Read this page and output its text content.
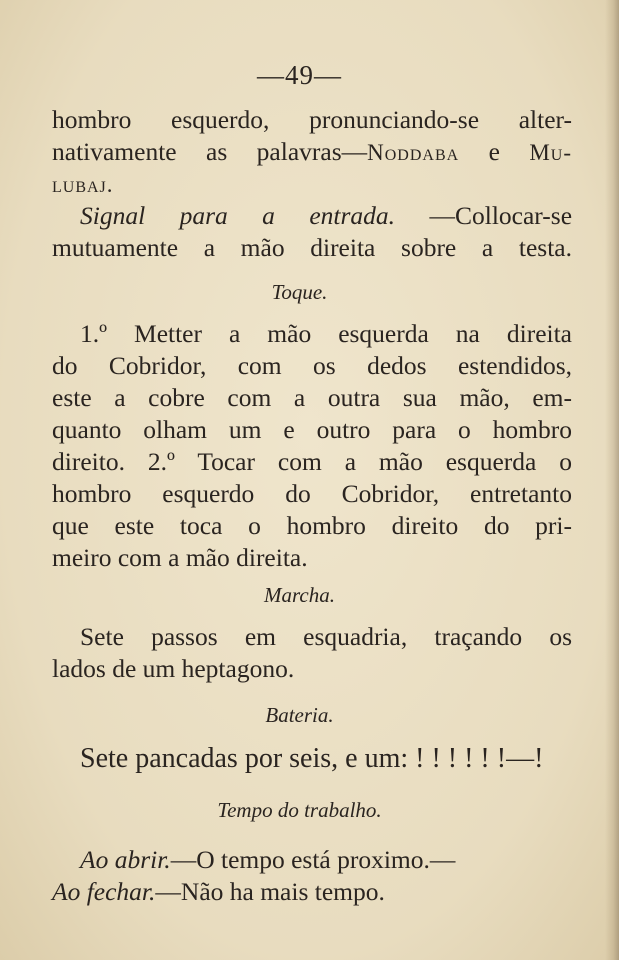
—49—
hombro esquerdo, pronunciando-se alter-
nativamente as palavras—Noddaba e Mu-
lubaj.
Signal para a entrada. —Collocar-se
mutuamente a mão direita sobre a testa.
Toque.
1.º Metter a mão esquerda na direita
do Cobridor, com os dedos estendidos,
este a cobre com a outra sua mão, em-
quanto olham um e outro para o hombro
direito. 2.º Tocar com a mão esquerda o
hombro esquerdo do Cobridor, entretanto
que este toca o hombro direito do pri-
meiro com a mão direita.
Marcha.
Sete passos em esquadria, traçando os
lados de um heptagono.
Bateria.
Sete pancadas por seis, e um: ! ! ! ! ! !—!
Tempo do trabalho.
Ao abrir.—O tempo está proximo.—
Ao fechar.—Não ha mais tempo.
